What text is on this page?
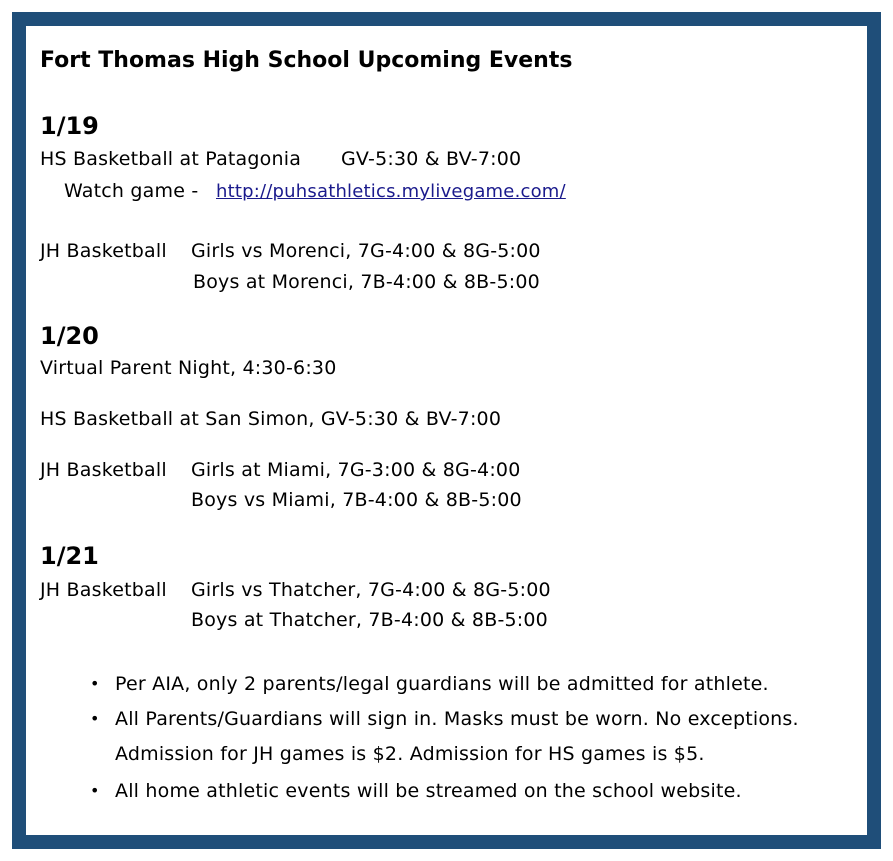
Fort Thomas High School Upcoming Events
1/19
HS Basketball at Patagonia GV-5:30 & BV-7:00
Watch game - http://puhsathletics.mylivegame.com/
JH Basketball Girls vs Morenci, 7G-4:00 & 8G-5:00
Boys at Morenci, 7B-4:00 & 8B-5:00
1/20
Virtual Parent Night, 4:30-6:30
HS Basketball at San Simon, GV-5:30 & BV-7:00
JH Basketball Girls at Miami, 7G-3:00 & 8G-4:00
Boys vs Miami, 7B-4:00 & 8B-5:00
1/21
JH Basketball Girls vs Thatcher, 7G-4:00 & 8G-5:00
Boys at Thatcher, 7B-4:00 & 8B-5:00
• Per AIA, only 2 parents/legal guardians will be admitted for athlete.
• All Parents/Guardians will sign in. Masks must be worn. No exceptions.
Admission for JH games is $2. Admission for HS games is $5.
• All home athletic events will be streamed on the school website.
